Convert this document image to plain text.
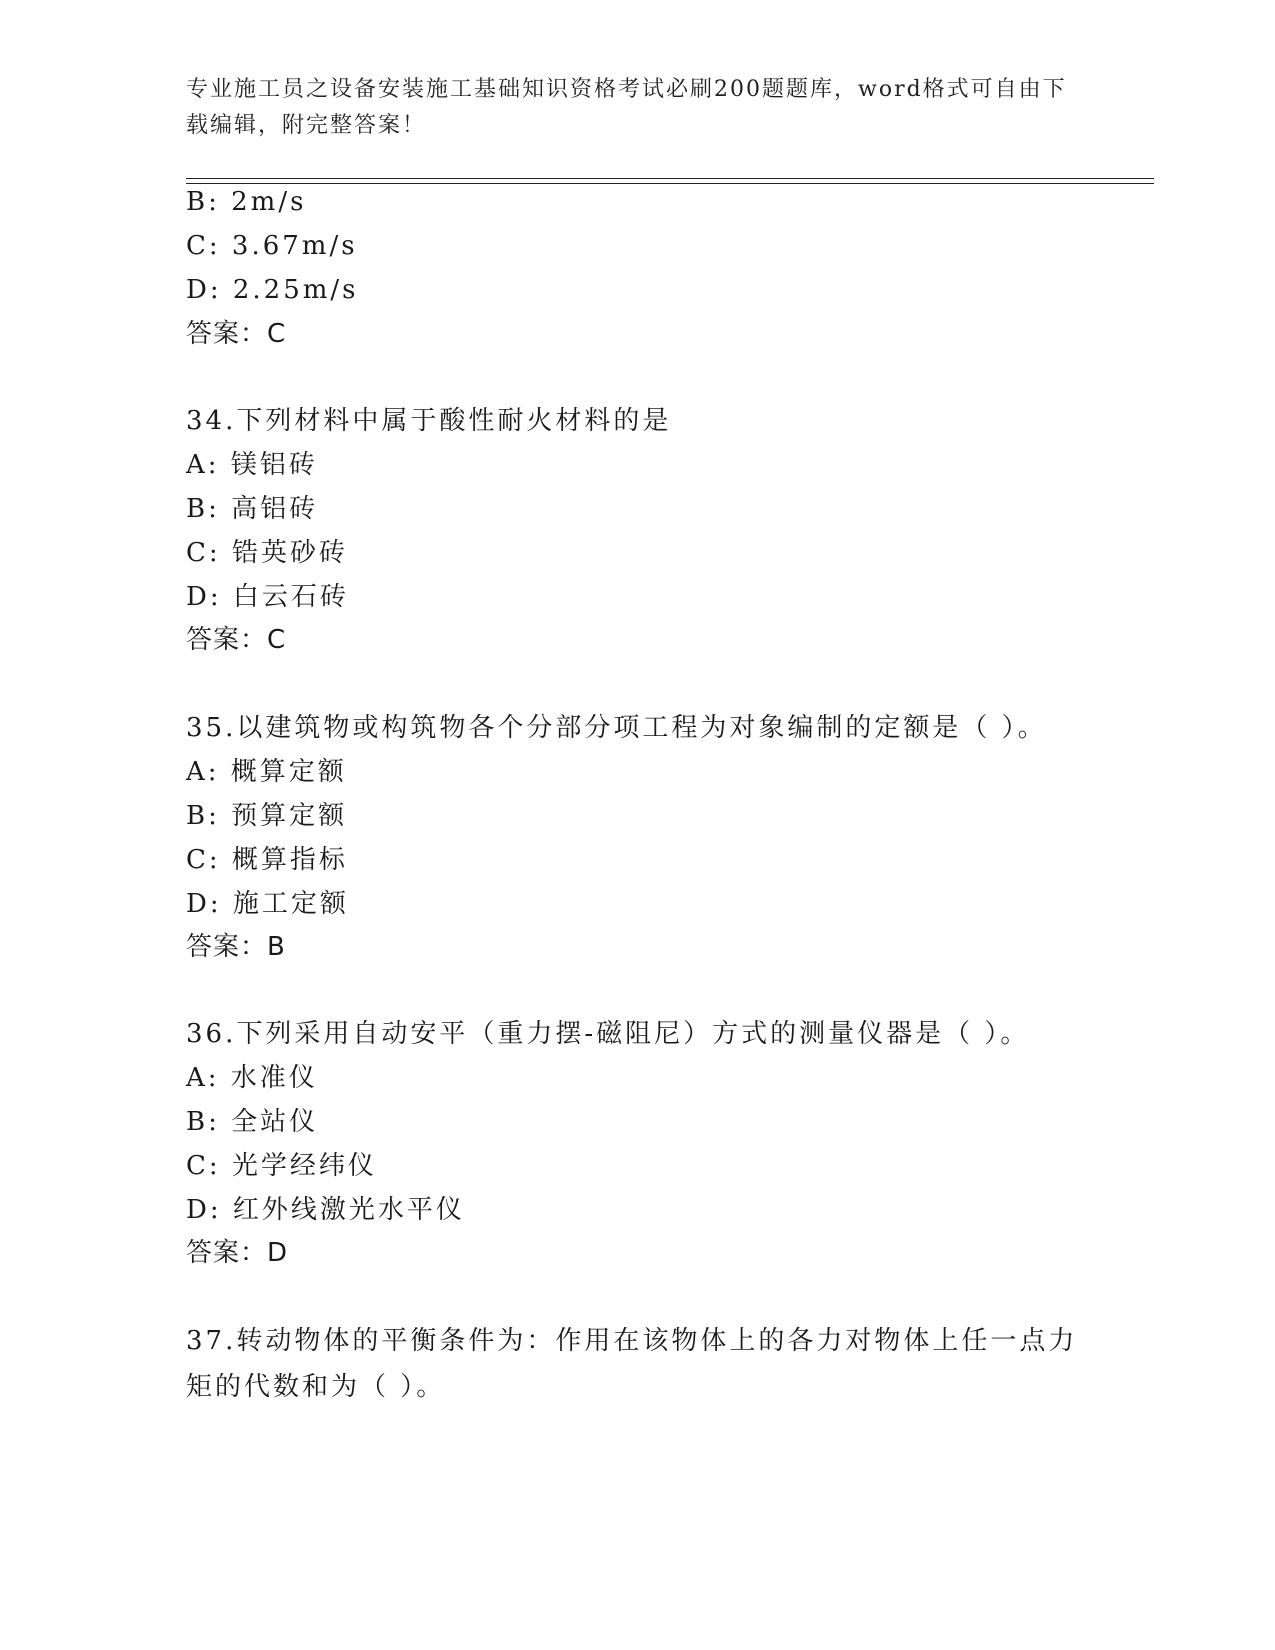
专业施工员之设备安装施工基础知识资格考试必刷200题题库，word格式可自由下载编辑，附完整答案！
B: 2m/s
C: 3.67m/s
D: 2.25m/s
答案：C
34.下列材料中属于酸性耐火材料的是
A: 镁铝砖
B: 高铝砖
C: 锆英砂砖
D: 白云石砖
答案：C
35.以建筑物或构筑物各个分部分项工程为对象编制的定额是（ ）。
A: 概算定额
B: 预算定额
C: 概算指标
D: 施工定额
答案：B
36.下列采用自动安平（重力摆-磁阻尼）方式的测量仪器是（ ）。
A: 水准仪
B: 全站仪
C: 光学经纬仪
D: 红外线激光水平仪
答案：D
37.转动物体的平衡条件为：作用在该物体上的各力对物体上任一点力矩的代数和为（ ）。
